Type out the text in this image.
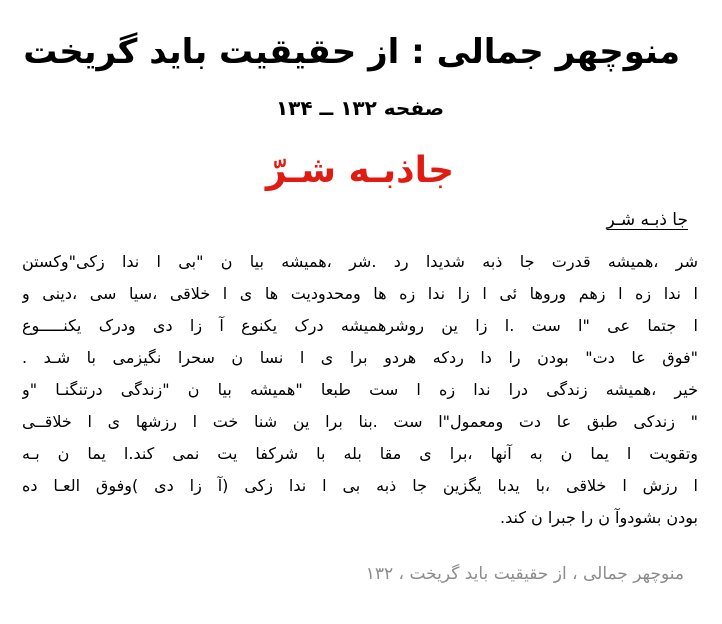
منوچهر جمالی : از حقیقیت باید گریخت
صفحه ۱۳۲ ــ ۱۳۴
جاذبـه شـرّ
جا ذبـه شـر
شر ،همیشه قدرت جا ذبه شدیدا رد .شر ،همیشه بیا ن "بی ا ندا زکی"وکستن
ا ندا زه ا زهم وروها ئی ا زا ندا زه ها ومحدودیت ها ی ا خلاقی ،سیا سی ،دینی و
ا جتما عی "ا ست .ا زا ین روشرهمیشه درک یکنوع آ زا دی ودرک یکنـــــوع
"فوق عا دت" بودن را دا ردکه هردو برا ی ا نسا ن سحرا نگیزمی با شـد .
خیر ،همیشه زندگی درا ندا زه ا ست طبعا "همیشه بیا ن "زندگی درتنگنـا "و
" زندکی طبق عا دت ومعمول"ا ست .بنا برا ین شنا خت ا رزشها ی ا خلاقــی
وتقویت ا یما ن به آنها ،برا ی مقا بله با شرکفا یت نمی کند.ا یما ن بـه
ا رزش ا خلاقی ،با یدبا یگزین جا ذبه بی ا ندا زکی (آ زا دی )وفوق العـا ده
بودن بشودوآ ن را جبرا ن کند.
منوچهر جمالی ، از حقیقیت باید گریخت ، ۱۳۲
